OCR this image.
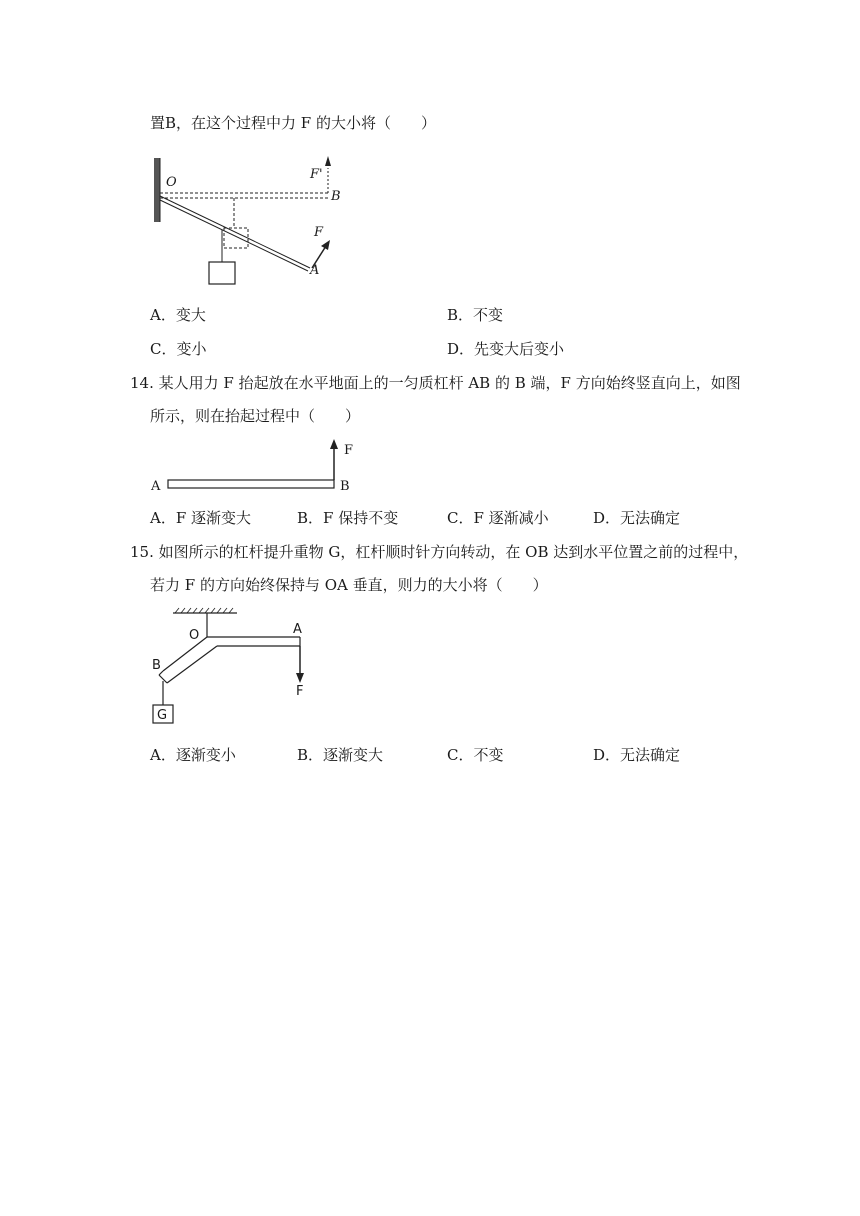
置B，在这个过程中力 F 的大小将（　　）
O
B
A
F
F'
A．变大	B．不变
C．变小	D．先变大后变小
14. 某人用力 F 抬起放在水平地面上的一匀质杠杆 AB 的 B 端，F 方向始终竖直向上，如图
所示，则在抬起过程中（　　）
A	B
F
A．F 逐渐变大	B．F 保持不变	C．F 逐渐减小	D．无法确定
15. 如图所示的杠杆提升重物 G，杠杆顺时针方向转动，在 OB 达到水平位置之前的过程中，
若力 F 的方向始终保持与 OA 垂直，则力的大小将（　　）
O	A
B
F
G
A．逐渐变小	B．逐渐变大	C．不变	D．无法确定
